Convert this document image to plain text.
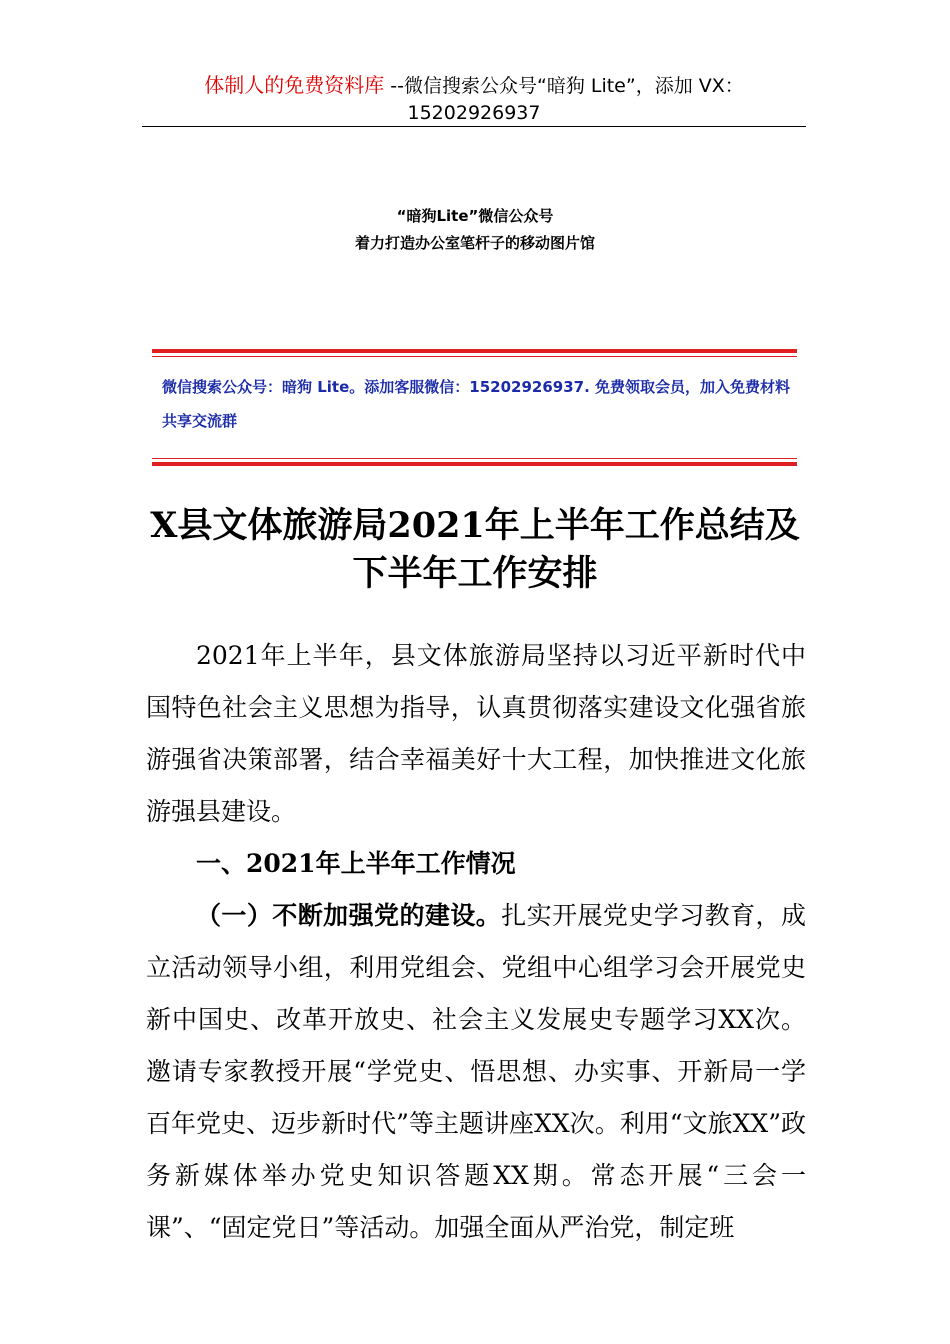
体制人的免费资料库 --微信搜索公众号“暗狗 Lite”，添加 VX：
15202926937
“暗狗Lite”微信公众号
着力打造办公室笔杆子的移动图片馆
微信搜索公众号：暗狗 Lite。添加客服微信：15202926937. 免费领取会员，加入免费材料共享交流群
X县文体旅游局2021年上半年工作总结及下半年工作安排

2021年上半年，县文体旅游局坚持以习近平新时代中国特色社会主义思想为指导，认真贯彻落实建设文化强省旅游强省决策部署，结合幸福美好十大工程，加快推进文化旅游强县建设。

一、2021年上半年工作情况

（一）不断加强党的建设。扎实开展党史学习教育，成立活动领导小组，利用党组会、党组中心组学习会开展党史新中国史、改革开放史、社会主义发展史专题学习XX次。邀请专家教授开展“学党史、悟思想、办实事、开新局一学百年党史、迈步新时代”等主题讲座XX次。利用“文旅XX”政务新媒体举办党史知识答题XX期。常态开展“三会一课”、“固定党日”等活动。加强全面从严治党，制定班
